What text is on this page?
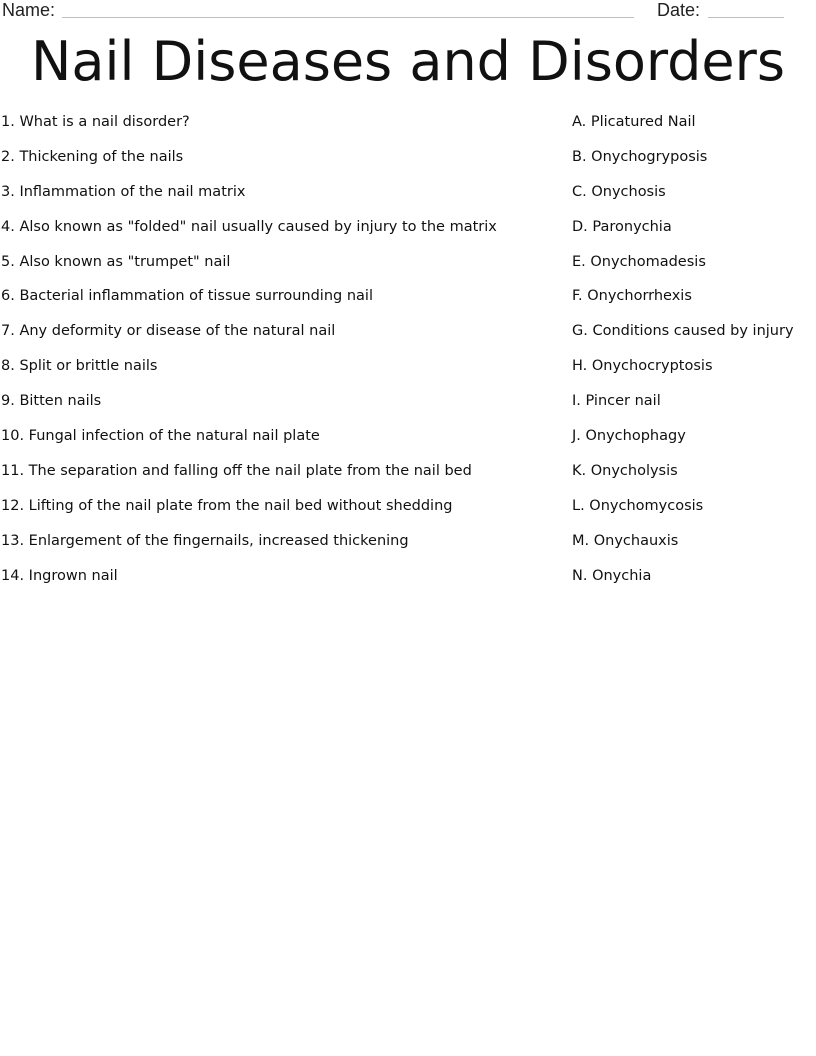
Name:	Date:
Nail Diseases and Disorders
1. What is a nail disorder?
2. Thickening of the nails
3. Inflammation of the nail matrix
4. Also known as "folded" nail usually caused by injury to the matrix
5. Also known as "trumpet" nail
6. Bacterial inflammation of tissue surrounding nail
7. Any deformity or disease of the natural nail
8. Split or brittle nails
9. Bitten nails
10. Fungal infection of the natural nail plate
11. The separation and falling off the nail plate from the nail bed
12. Lifting of the nail plate from the nail bed without shedding
13. Enlargement of the fingernails, increased thickening
14. Ingrown nail
A. Plicatured Nail
B. Onychogryposis
C. Onychosis
D. Paronychia
E. Onychomadesis
F. Onychorrhexis
G. Conditions caused by injury
H. Onychocryptosis
I. Pincer nail
J. Onychophagy
K. Onycholysis
L. Onychomycosis
M. Onychauxis
N. Onychia
